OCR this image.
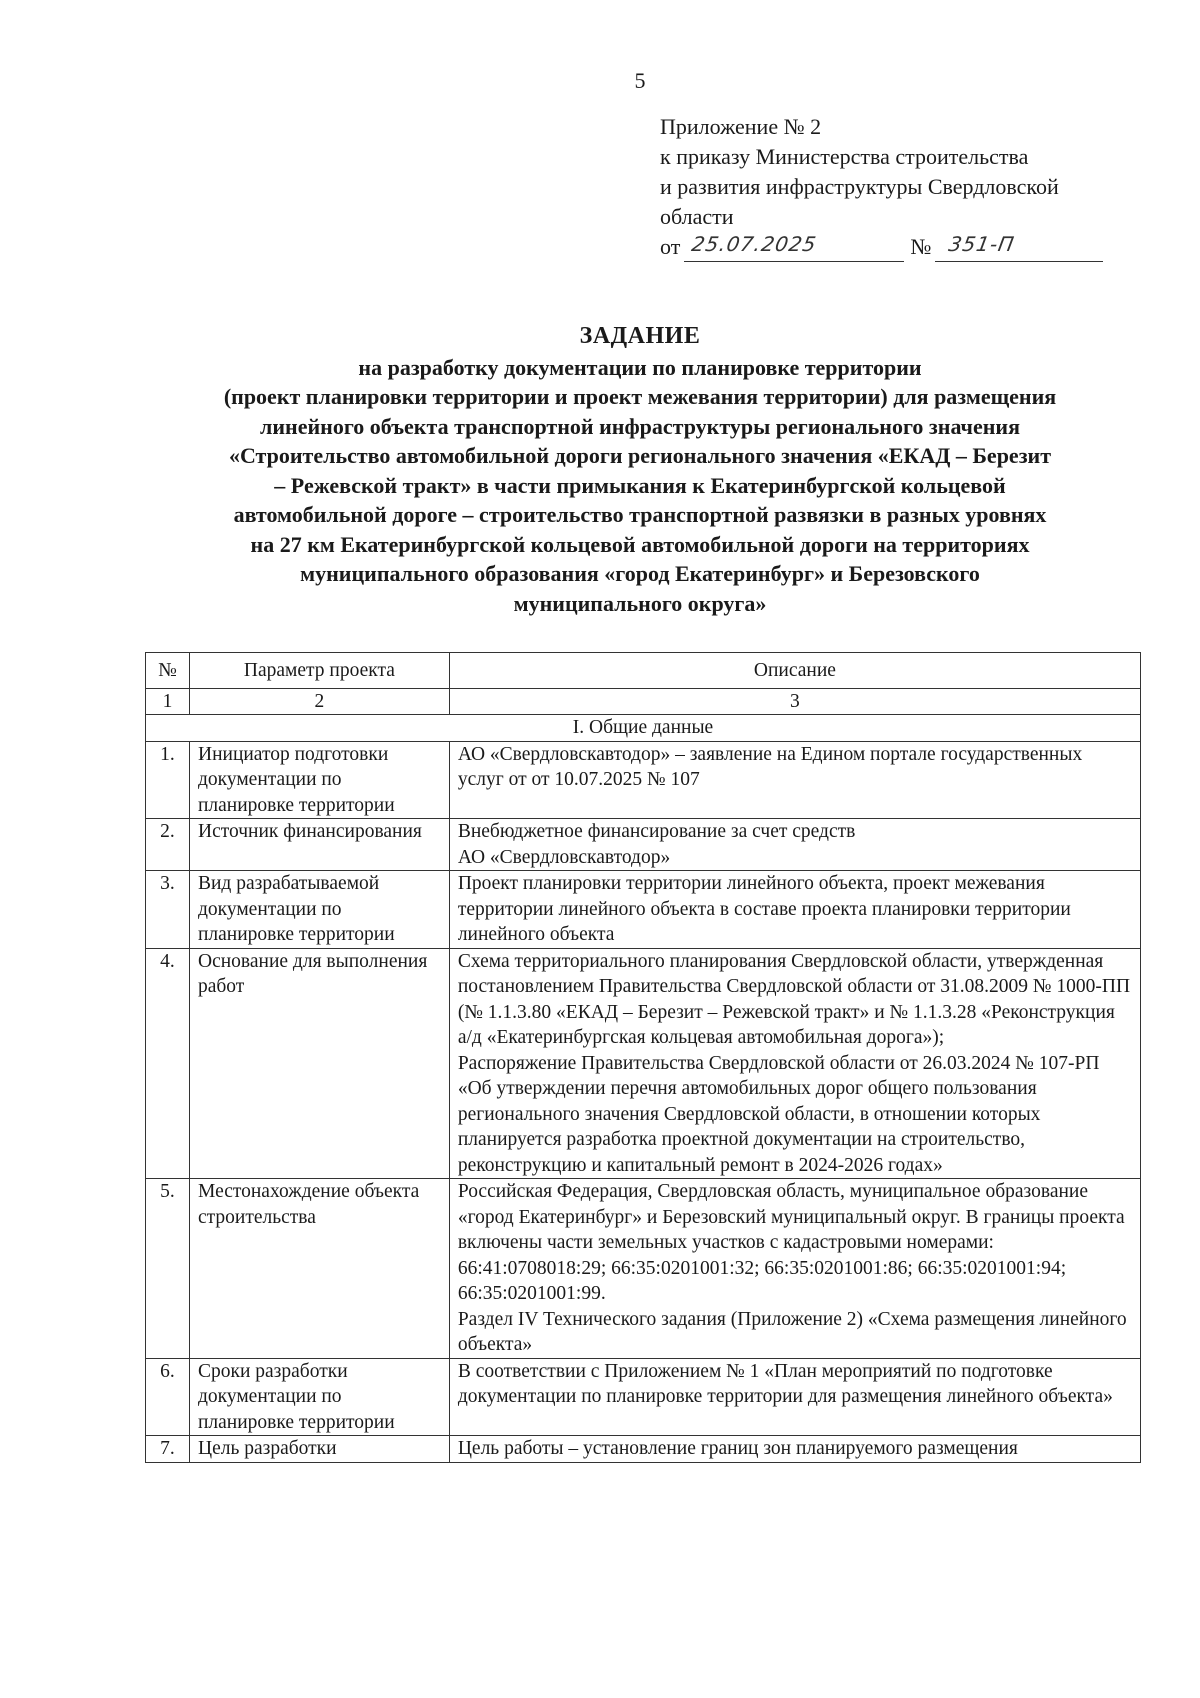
5
Приложение № 2
к приказу Министерства строительства
и развития инфраструктуры Свердловской
области
от 25.07.2025	№ 351-П
ЗАДАНИЕ
на разработку документации по планировке территории
(проект планировки территории и проект межевания территории) для размещения
линейного объекта транспортной инфраструктуры регионального значения
«Строительство автомобильной дороги регионального значения «ЕКАД – Березит
– Режевской тракт» в части примыкания к Екатеринбургской кольцевой
автомобильной дороге – строительство транспортной развязки в разных уровнях
на 27 км Екатеринбургской кольцевой автомобильной дороги на территориях
муниципального образования «город Екатеринбург» и Березовского
муниципального округа»
№	Параметр проекта	Описание
1	2	3
I. Общие данные		
1.	Инициатор подготовки документации по планировке территории	АО «Свердловскавтодор» – заявление на Едином портале государственных услуг от от 10.07.2025 № 107

2.	Источник финансирования	Внебюджетное финансирование за счет средств
АО «Свердловскавтодор»

3.	Вид разрабатываемой документации по планировке территории	Проект планировки территории линейного объекта, проект межевания территории линейного объекта в составе проекта планировки территории линейного объекта

4.	Основание для выполнения работ	Схема территориального планирования Свердловской области, утвержденная постановлением Правительства Свердловской области от 31.08.2009 № 1000-ПП (№ 1.1.3.80 «ЕКАД – Березит – Режевской тракт» и № 1.1.3.28 «Реконструкция а/д «Екатеринбургская кольцевая автомобильная дорога»);
Распоряжение Правительства Свердловской области от 26.03.2024 № 107-РП «Об утверждении перечня автомобильных дорог общего пользования регионального значения Свердловской области, в отношении которых планируется разработка проектной документации на строительство, реконструкцию и капитальный ремонт в 2024-2026 годах»

5.	Местонахождение объекта строительства	Российская Федерация, Свердловская область, муниципальное образование «город Екатеринбург» и Березовский муниципальный округ. В границы проекта включены части земельных участков с кадастровыми номерами: 66:41:0708018:29; 66:35:0201001:32; 66:35:0201001:86; 66:35:0201001:94; 66:35:0201001:99.
Раздел IV Технического задания (Приложение 2) «Схема размещения линейного объекта»

6.	Сроки разработки документации по планировке территории	В соответствии с Приложением № 1 «План мероприятий по подготовке документации по планировке территории для размещения линейного объекта»

7.	Цель разработки	Цель работы – установление границ зон планируемого размещения
